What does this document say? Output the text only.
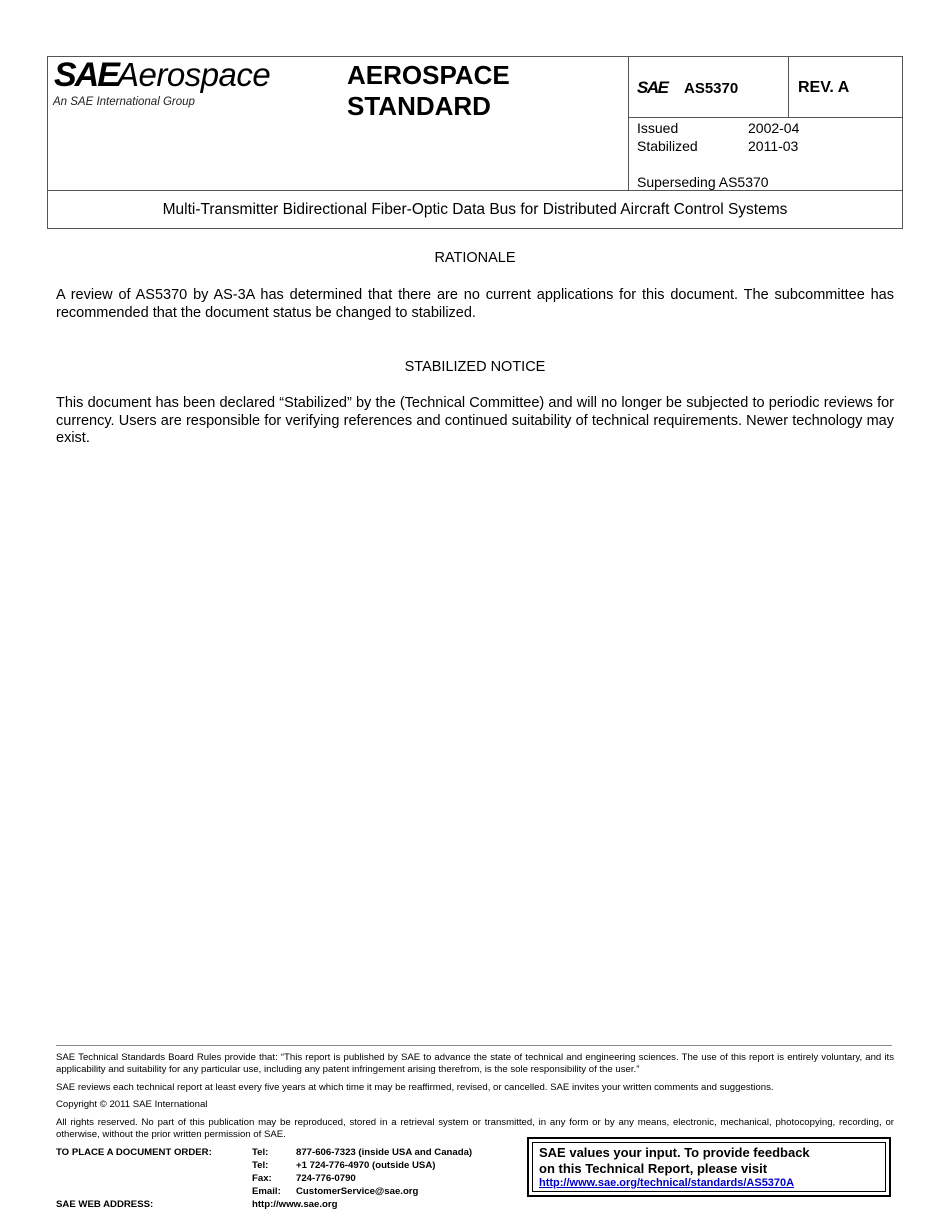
SAE Aerospace
An SAE International Group
AEROSPACE
STANDARD
SAE AS5370	REV. A
Issued	2002-04
Stabilized	2011-03
Superseding AS5370
Multi-Transmitter Bidirectional Fiber-Optic Data Bus for Distributed Aircraft Control Systems
RATIONALE
A review of AS5370 by AS-3A has determined that there are no current applications for this document. The subcommittee has recommended that the document status be changed to stabilized.
STABILIZED NOTICE
This document has been declared “Stabilized” by the (Technical Committee) and will no longer be subjected to periodic reviews for currency. Users are responsible for verifying references and continued suitability of technical requirements. Newer technology may exist.
SAE Technical Standards Board Rules provide that: “This report is published by SAE to advance the state of technical and engineering sciences. The use of this report is entirely voluntary, and its applicability and suitability for any particular use, including any patent infringement arising therefrom, is the sole responsibility of the user.”
SAE reviews each technical report at least every five years at which time it may be reaffirmed, revised, or cancelled. SAE invites your written comments and suggestions.
Copyright © 2011 SAE International
All rights reserved. No part of this publication may be reproduced, stored in a retrieval system or transmitted, in any form or by any means, electronic, mechanical, photocopying, recording, or otherwise, without the prior written permission of SAE.
TO PLACE A DOCUMENT ORDER:	Tel:	877-606-7323 (inside USA and Canada)
Tel:	+1 724-776-4970 (outside USA)
Fax:	724-776-0790
Email: CustomerService@sae.org
SAE WEB ADDRESS:	http://www.sae.org
SAE values your input. To provide feedback
on this Technical Report, please visit
http://www.sae.org/technical/standards/AS5370A
